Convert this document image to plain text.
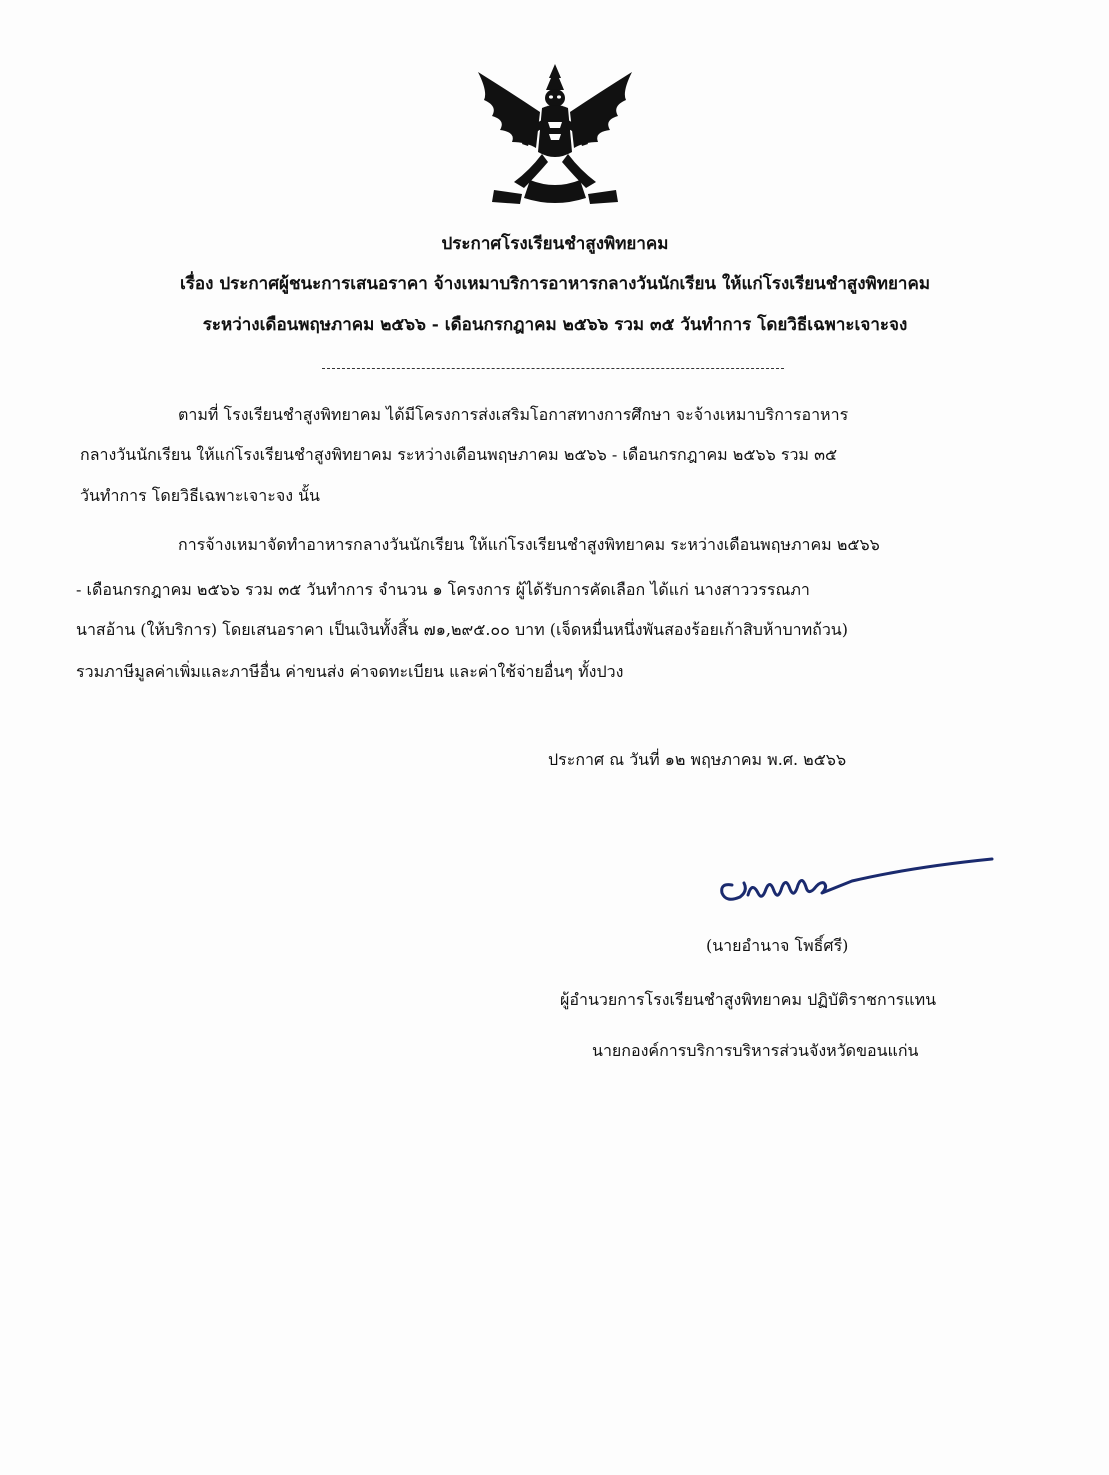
ประกาศโรงเรียนชำสูงพิทยาคม
เรื่อง ประกาศผู้ชนะการเสนอราคา จ้างเหมาบริการอาหารกลางวันนักเรียน ให้แก่โรงเรียนชำสูงพิทยาคม
ระหว่างเดือนพฤษภาคม ๒๕๖๖ - เดือนกรกฎาคม ๒๕๖๖ รวม ๓๕ วันทำการ โดยวิธีเฉพาะเจาะจง
ตามที่ โรงเรียนชำสูงพิทยาคม ได้มีโครงการส่งเสริมโอกาสทางการศึกษา จะจ้างเหมาบริการอาหาร
กลางวันนักเรียน ให้แก่โรงเรียนชำสูงพิทยาคม ระหว่างเดือนพฤษภาคม ๒๕๖๖ - เดือนกรกฎาคม ๒๕๖๖ รวม ๓๕
วันทำการ โดยวิธีเฉพาะเจาะจง นั้น
การจ้างเหมาจัดทำอาหารกลางวันนักเรียน ให้แก่โรงเรียนชำสูงพิทยาคม ระหว่างเดือนพฤษภาคม ๒๕๖๖
- เดือนกรกฎาคม ๒๕๖๖ รวม ๓๕ วันทำการ จำนวน ๑ โครงการ ผู้ได้รับการคัดเลือก ได้แก่ นางสาววรรณภา
นาสอ้าน (ให้บริการ) โดยเสนอราคา เป็นเงินทั้งสิ้น ๗๑,๒๙๕.๐๐ บาท (เจ็ดหมื่นหนึ่งพันสองร้อยเก้าสิบห้าบาทถ้วน)
รวมภาษีมูลค่าเพิ่มและภาษีอื่น ค่าขนส่ง ค่าจดทะเบียน และค่าใช้จ่ายอื่นๆ ทั้งปวง
ประกาศ ณ วันที่ ๑๒ พฤษภาคม พ.ศ. ๒๕๖๖
(นายอำนาจ โพธิ์ศรี)
ผู้อำนวยการโรงเรียนชำสูงพิทยาคม ปฏิบัติราชการแทน
นายกองค์การบริการบริหารส่วนจังหวัดขอนแก่น
